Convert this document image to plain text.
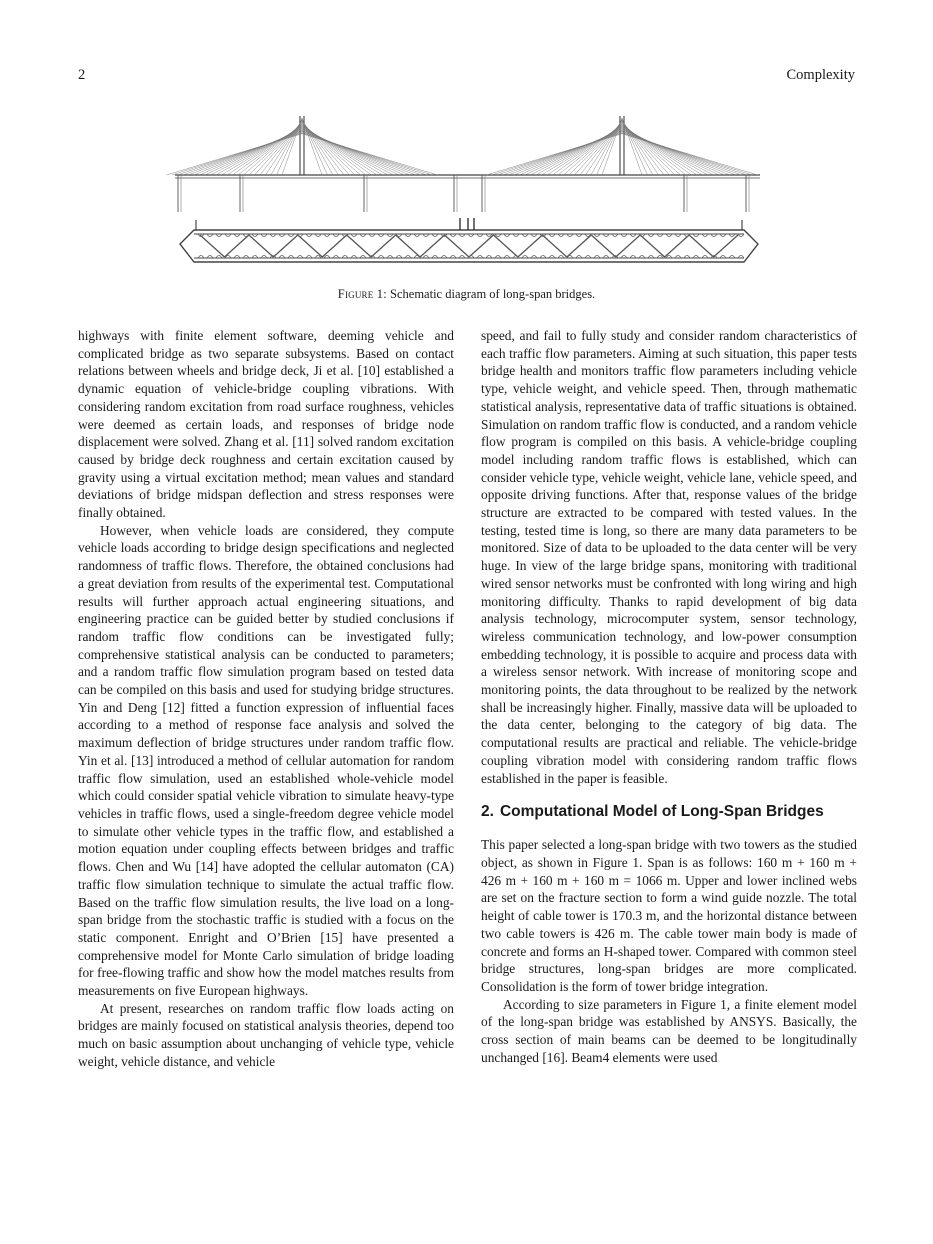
2	Complexity
Figure 1: Schematic diagram of long-span bridges.

highways with finite element software, deeming vehicle and complicated bridge as two separate subsystems. Based on contact relations between wheels and bridge deck, Ji et al. [10] established a dynamic equation of vehicle-bridge coupling vibrations. With considering random excitation from road surface roughness, vehicles were deemed as certain loads, and responses of bridge node displacement were solved. Zhang et al. [11] solved random excitation caused by bridge deck roughness and certain excitation caused by gravity using a virtual excitation method; mean values and standard deviations of bridge midspan deflection and stress responses were finally obtained.

However, when vehicle loads are considered, they compute vehicle loads according to bridge design specifications and neglected randomness of traffic flows. Therefore, the obtained conclusions had a great deviation from results of the experimental test. Computational results will further approach actual engineering situations, and engineering practice can be guided better by studied conclusions if random traffic flow conditions can be investigated fully; comprehensive statistical analysis can be conducted to parameters; and a random traffic flow simulation program based on tested data can be compiled on this basis and used for studying bridge structures. Yin and Deng [12] fitted a function expression of influential faces according to a method of response face analysis and solved the maximum deflection of bridge structures under random traffic flow. Yin et al. [13] introduced a method of cellular automation for random traffic flow simulation, used an established whole-vehicle model which could consider spatial vehicle vibration to simulate heavy-type vehicles in traffic flows, used a single-freedom degree vehicle model to simulate other vehicle types in the traffic flow, and established a motion equation under coupling effects between bridges and traffic flows. Chen and Wu [14] have adopted the cellular automaton (CA) traffic flow simulation technique to simulate the actual traffic flow. Based on the traffic flow simulation results, the live load on a long-span bridge from the stochastic traffic is studied with a focus on the static component. Enright and O’Brien [15] have presented a comprehensive model for Monte Carlo simulation of bridge loading for free-flowing traffic and show how the model matches results from measurements on five European highways.

At present, researches on random traffic flow loads acting on bridges are mainly focused on statistical analysis theories, depend too much on basic assumption about unchanging of vehicle type, vehicle weight, vehicle distance, and vehicle

speed, and fail to fully study and consider random characteristics of each traffic flow parameters. Aiming at such situation, this paper tests bridge health and monitors traffic flow parameters including vehicle type, vehicle weight, and vehicle speed. Then, through mathematic statistical analysis, representative data of traffic situations is obtained. Simulation on random traffic flow is conducted, and a random vehicle flow program is compiled on this basis. A vehicle-bridge coupling model including random traffic flows is established, which can consider vehicle type, vehicle weight, vehicle lane, vehicle speed, and opposite driving functions. After that, response values of the bridge structure are extracted to be compared with tested values. In the testing, tested time is long, so there are many data parameters to be monitored. Size of data to be uploaded to the data center will be very huge. In view of the large bridge spans, monitoring with traditional wired sensor networks must be confronted with long wiring and high monitoring difficulty. Thanks to rapid development of big data analysis technology, microcomputer system, sensor technology, wireless communication technology, and low-power consumption embedding technology, it is possible to acquire and process data with a wireless sensor network. With increase of monitoring scope and monitoring points, the data throughout to be realized by the network shall be increasingly higher. Finally, massive data will be uploaded to the data center, belonging to the category of big data. The computational results are practical and reliable. The vehicle-bridge coupling vibration model with considering random traffic flows established in the paper is feasible.

2. Computational Model of Long-Span Bridges

This paper selected a long-span bridge with two towers as the studied object, as shown in Figure 1. Span is as follows: 160 m + 160 m + 426 m + 160 m + 160 m = 1066 m. Upper and lower inclined webs are set on the fracture section to form a wind guide nozzle. The total height of cable tower is 170.3 m, and the horizontal distance between two cable towers is 426 m. The cable tower main body is made of concrete and forms an H-shaped tower. Compared with common steel bridge structures, long-span bridges are more complicated. Consolidation is the form of tower bridge integration.

According to size parameters in Figure 1, a finite element model of the long-span bridge was established by ANSYS. Basically, the cross section of main beams can be deemed to be longitudinally unchanged [16]. Beam4 elements were used
